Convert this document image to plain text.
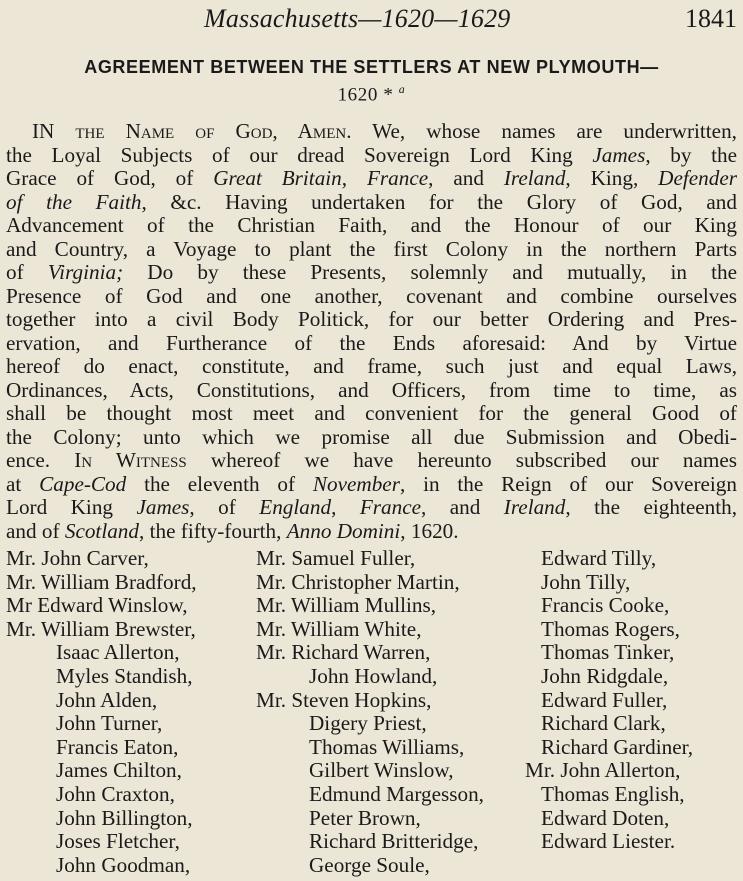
Massachusetts—1620—1629	1841
AGREEMENT BETWEEN THE SETTLERS AT NEW PLYMOUTH—
1620 * $^a$
IN the Name of God, Amen. We, whose names are underwritten,
the Loyal Subjects of our dread Sovereign Lord King James, by the
Grace of God, of Great Britain, France, and Ireland, King, Defender
of the Faith, &c. Having undertaken for the Glory of God, and
Advancement of the Christian Faith, and the Honour of our King
and Country, a Voyage to plant the first Colony in the northern Parts
of Virginia; Do by these Presents, solemnly and mutually, in the
Presence of God and one another, covenant and combine ourselves
together into a civil Body Politick, for our better Ordering and Pres-
ervation, and Furtherance of the Ends aforesaid: And by Virtue
hereof do enact, constitute, and frame, such just and equal Laws,
Ordinances, Acts, Constitutions, and Officers, from time to time, as
shall be thought most meet and convenient for the general Good of
the Colony; unto which we promise all due Submission and Obedi-
ence. In Witness whereof we have hereunto subscribed our names
at Cape-Cod the eleventh of November, in the Reign of our Sovereign
Lord King James, of England, France, and Ireland, the eighteenth,
and of Scotland, the fifty-fourth, Anno Domini, 1620.
Mr. John Carver,	Mr. Samuel Fuller,	Edward Tilly,
Mr. William Bradford,	Mr. Christopher Martin,	John Tilly,
Mr Edward Winslow,	Mr. William Mullins,	Francis Cooke,
Mr. William Brewster,	Mr. William White,	Thomas Rogers,
Isaac Allerton,	Mr. Richard Warren,	Thomas Tinker,
Myles Standish,	John Howland,	John Ridgdale,
John Alden,	Mr. Steven Hopkins,	Edward Fuller,
John Turner,	Digery Priest,	Richard Clark,
Francis Eaton,	Thomas Williams,	Richard Gardiner,
James Chilton,	Gilbert Winslow,	Mr. John Allerton,
John Craxton,	Edmund Margesson,	Thomas English,
John Billington,	Peter Brown,	Edward Doten,
Joses Fletcher,	Richard Britteridge,	Edward Liester.
John Goodman,	George Soule,
